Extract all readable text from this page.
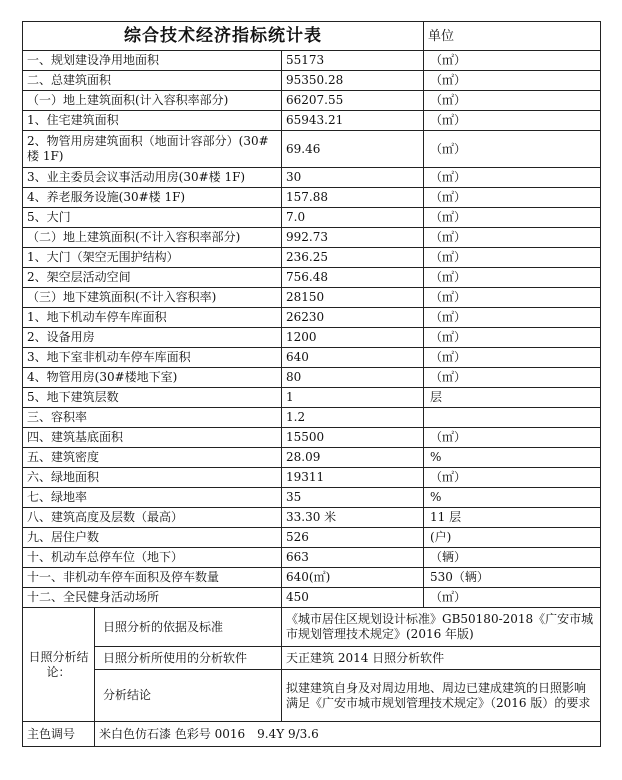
综合技术经济指标统计表			单位
一、规划建设净用地面积		55173	（㎡）
二、总建筑面积		95350.28	（㎡）
（一）地上建筑面积(计入容积率部分)		66207.55	（㎡）
1、住宅建筑面积		65943.21	（㎡）
2、物管用房建筑面积（地面计容部分）(30#楼 1F)		69.46	（㎡）
3、业主委员会议事活动用房(30#楼 1F)		30	（㎡）
4、养老服务设施(30#楼 1F)		157.88	（㎡）
5、大门		7.0	（㎡）
（二）地上建筑面积(不计入容积率部分)		992.73	（㎡）
1、大门（架空无围护结构）		236.25	（㎡）
2、架空层活动空间		756.48	（㎡）
（三）地下建筑面积(不计入容积率)		28150	（㎡）
1、地下机动车停车库面积		26230	（㎡）
2、设备用房		1200	（㎡）
3、地下室非机动车停车库面积		640	（㎡）
4、物管用房(30#楼地下室)		80	（㎡）
5、地下建筑层数		1	层
三、容积率		1.2	
四、建筑基底面积		15500	（㎡）
五、建筑密度		28.09	%
六、绿地面积		19311	（㎡）
七、绿地率		35	%
八、建筑高度及层数（最高）		33.30 米	11 层
九、居住户数		526	(户)
十、机动车总停车位（地下）		663	（辆）
十一、非机动车停车面积及停车数量		640(㎡)	530（辆）
十二、全民健身活动场所		450	（㎡）
日照分析结论：	日照分析的依据及标准	《城市居住区规划设计标准》GB50180-2018《广安市城市规划管理技术规定》(2016 年版)	
	日照分析所使用的分析软件	天正建筑 2014 日照分析软件	
	分析结论	拟建建筑自身及对周边用地、周边已建成建筑的日照影响满足《广安市城市规划管理技术规定》（2016 版）的要求	
主色调号	米白色仿石漆 色彩号 0016　9.4Y 9/3.6		
